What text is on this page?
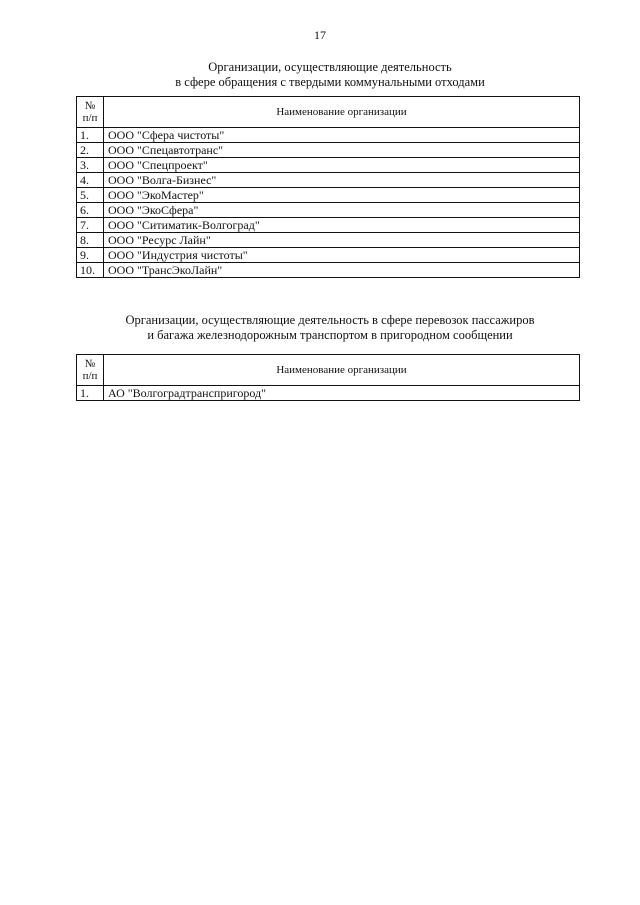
17
Организации, осуществляющие деятельность
в сфере обращения с твердыми коммунальными отходами
№
п/п	Наименование организации
1.	ООО "Сфера чистоты"
2.	ООО "Спецавтотранс"
3.	ООО "Спецпроект"
4.	ООО "Волга-Бизнес"
5.	ООО "ЭкоМастер"
6.	ООО "ЭкоСфера"
7.	ООО "Ситиматик-Волгоград"
8.	ООО "Ресурс Лайн"
9.	ООО "Индустрия чистоты"
10.	ООО "ТрансЭкоЛайн"
Организации, осуществляющие деятельность в сфере перевозок пассажиров
и багажа железнодорожным транспортом в пригородном сообщении
№
п/п	Наименование организации
1.	АО "Волгоградтранспригород"
